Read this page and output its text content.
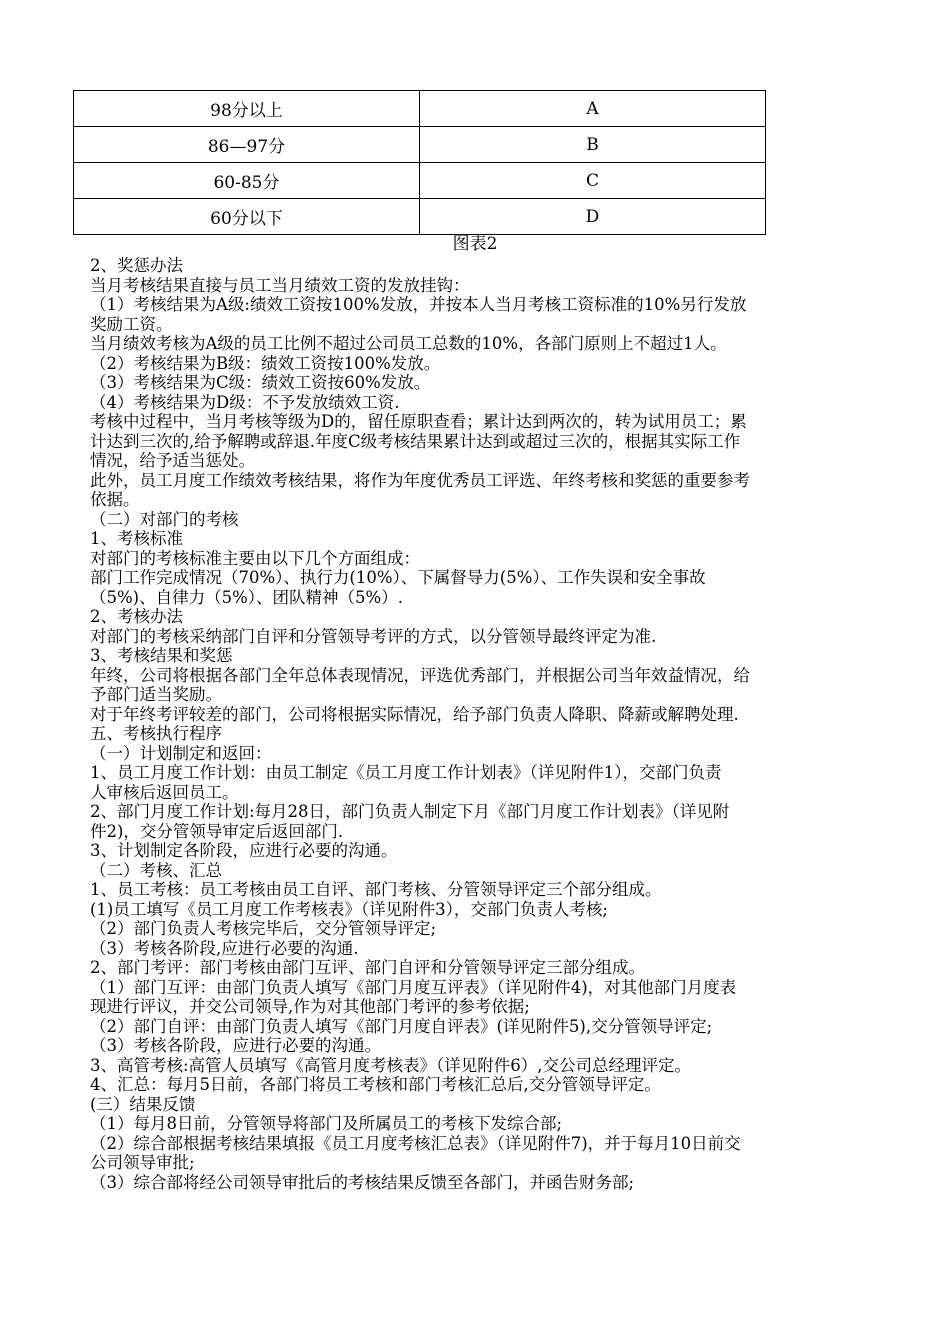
98分以上	A
86—97分	B
60-85分	C
60分以下	D
图表2
2、奖惩办法
当月考核结果直接与员工当月绩效工资的发放挂钩：
（1）考核结果为A级:绩效工资按100%发放，并按本人当月考核工资标准的10%另行发放
奖励工资。
当月绩效考核为A级的员工比例不超过公司员工总数的10%，各部门原则上不超过1人。
（2）考核结果为B级：绩效工资按100%发放。
（3）考核结果为C级：绩效工资按60%发放。
（4）考核结果为D级：不予发放绩效工资.
考核中过程中，当月考核等级为D的，留任原职查看；累计达到两次的，转为试用员工；累
计达到三次的,给予解聘或辞退.年度C级考核结果累计达到或超过三次的，根据其实际工作
情况，给予适当惩处。
此外，员工月度工作绩效考核结果，将作为年度优秀员工评选、年终考核和奖惩的重要参考
依据。
（二）对部门的考核
1、考核标准
对部门的考核标准主要由以下几个方面组成：
部门工作完成情况（70%）、执行力(10%）、下属督导力(5%）、工作失误和安全事故
（5%)、自律力（5%）、团队精神（5%）.
2、考核办法
对部门的考核采纳部门自评和分管领导考评的方式，以分管领导最终评定为准.
3、考核结果和奖惩
年终，公司将根据各部门全年总体表现情况，评选优秀部门，并根据公司当年效益情况，给
予部门适当奖励。
对于年终考评较差的部门，公司将根据实际情况，给予部门负责人降职、降薪或解聘处理.
五、考核执行程序
（一）计划制定和返回：
1、员工月度工作计划：由员工制定《员工月度工作计划表》（详见附件1），交部门负责
人审核后返回员工。
2、部门月度工作计划:每月28日，部门负责人制定下月《部门月度工作计划表》（详见附
件2)，交分管领导审定后返回部门.
3、计划制定各阶段，应进行必要的沟通。
（二）考核、汇总
1、员工考核：员工考核由员工自评、部门考核、分管领导评定三个部分组成。
(1)员工填写《员工月度工作考核表》（详见附件3），交部门负责人考核;
（2）部门负责人考核完毕后，交分管领导评定;
（3）考核各阶段,应进行必要的沟通.
2、部门考评：部门考核由部门互评、部门自评和分管领导评定三部分组成。
（1）部门互评：由部门负责人填写《部门月度互评表》（详见附件4)，对其他部门月度表
现进行评议，并交公司领导,作为对其他部门考评的参考依据;
（2）部门自评：由部门负责人填写《部门月度自评表》(详见附件5),交分管领导评定;
（3）考核各阶段，应进行必要的沟通。
3、高管考核:高管人员填写《高管月度考核表》（详见附件6）,交公司总经理评定。
4、汇总：每月5日前，各部门将员工考核和部门考核汇总后,交分管领导评定。
(三）结果反馈
（1）每月8日前，分管领导将部门及所属员工的考核下发综合部;
（2）综合部根据考核结果填报《员工月度考核汇总表》（详见附件7)，并于每月10日前交
公司领导审批;
（3）综合部将经公司领导审批后的考核结果反馈至各部门，并函告财务部;
